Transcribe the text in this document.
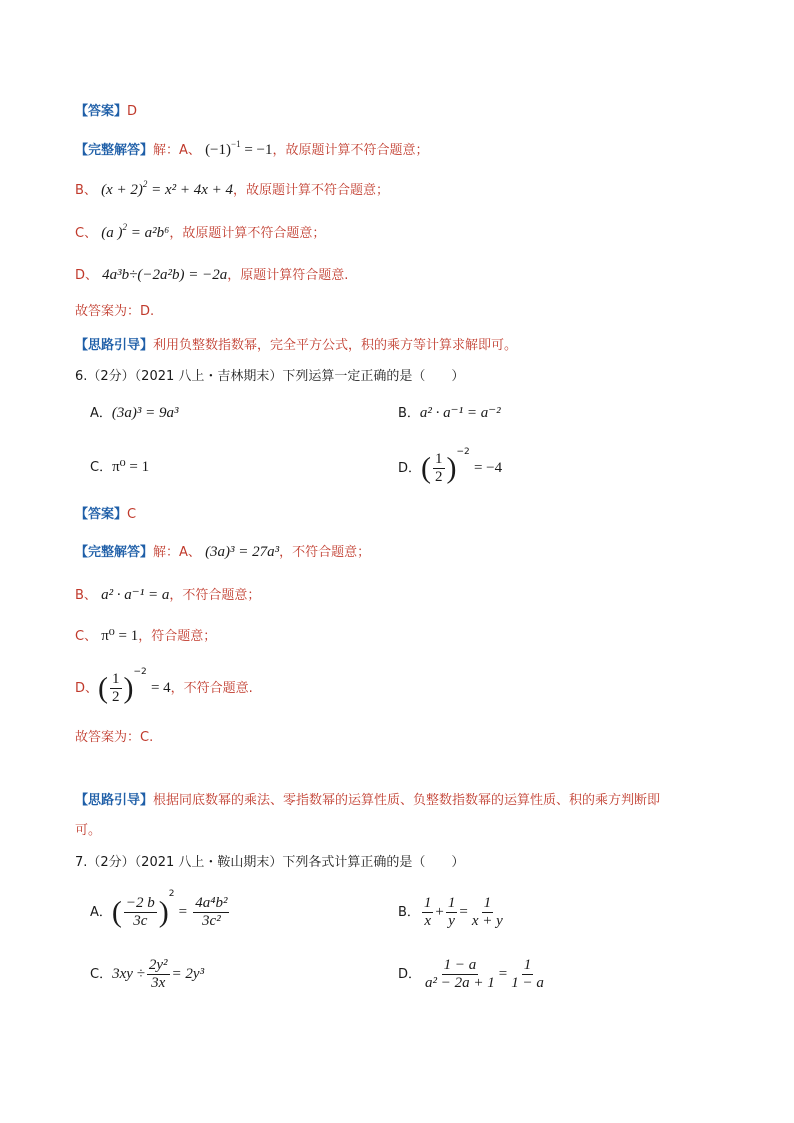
【答案】D
【完整解答】解：A、 $(-1)^{-1} = -1$，故原题计算不符合题意；
B、 $(x + 2)^2 = x^2 + 4x + 4$，故原题计算不符合题意；
C、 (a )$^2$ = a²b⁶，故原题计算不符合题意；
D、 4a³b÷(−2a²b) = −2a，原题计算符合题意.
故答案为：D.
【思路引导】利用负整数指数幂，完全平方公式，积的乘方等计算求解即可。
6.（2分）（2021 八上・吉林期末）下列运算一定正确的是（　　）
A．(3a)³ = 9a³	B．a² · a⁻¹ = a⁻²
C．π⁰ = 1	D．( $\frac{1}{2} )^{-2} = -4$
【答案】C
【完整解答】解：A、 (3a)³ = 27a³，不符合题意；
B、 a² · a⁻¹ = a，不符合题意；
C、 π⁰ = 1，符合题意；
D、( $\frac{1}{2} )^{-2} = 4$，不符合题意.
故答案为：C.
【思路引导】根据同底数幂的乘法、零指数幂的运算性质、负整数指数幂的运算性质、积的乘方判断即
可。
7.（2分）（2021 八上・鞍山期末）下列各式计算正确的是（　　）
A．( $\frac{-2 b}{3c} )^2 = \frac{\text{4a⁴b²}}{\text{3c²}}$	B． $\frac{1}{x} + \frac{1}{y} = \frac{1}{x + y}$
C．$3xy \div \frac{\text{2y²}}{3x} = 2y^3$	D． $\frac{1 - a}{\text{a² − 2a + 1}} = \frac{1}{1 - a}$
